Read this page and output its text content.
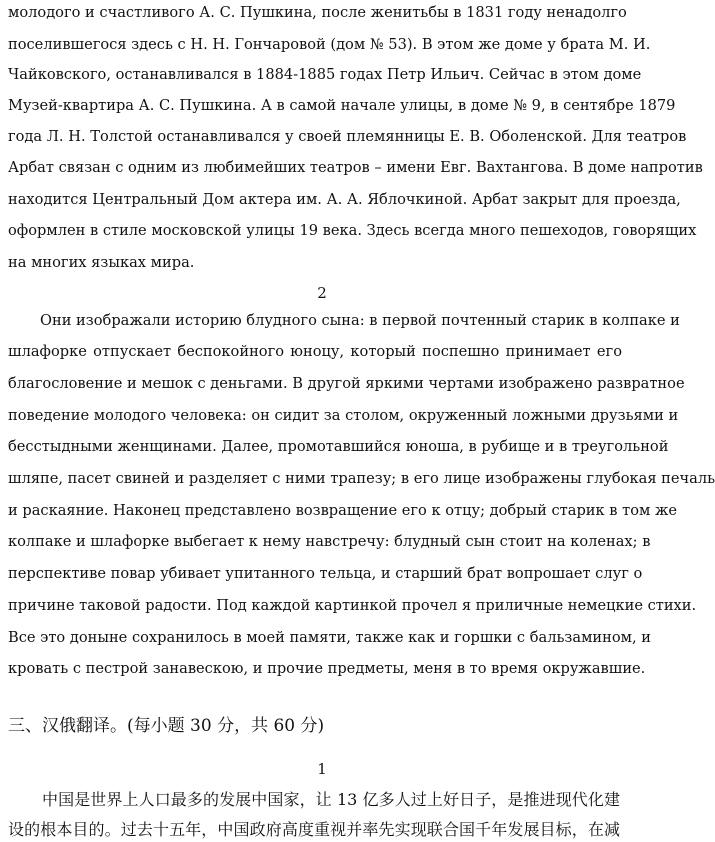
молодого и счастливого А. С. Пушкина, после женитьбы в 1831 году ненадолго
поселившегося здесь с Н. Н. Гончаровой (дом № 53). В этом же доме у брата М. И.
Чайковского, останавливался в 1884-1885 годах Петр Ильич. Сейчас в этом доме
Музей-квартира А. С. Пушкина. А в самой начале улицы, в доме № 9, в сентябре 1879
года Л. Н. Толстой останавливался у своей племянницы Е. В. Оболенской. Для театров
Арбат связан с одним из любимейших театров – имени Евг. Вахтангова. В доме напротив
находится Центральный Дом актера им. А. А. Яблочкиной. Арбат закрыт для проезда,
оформлен в стиле московской улицы 19 века. Здесь всегда много пешеходов, говорящих
на многих языках мира.
2
Они изображали историю блудного сына: в первой почтенный старик в колпаке и
шлафорке отпускает беспокойного юноцу, который поспешно принимает его
благословение и мешок с деньгами. В другой яркими чертами изображено развратное
поведение молодого человека: он сидит за столом, окруженный ложными друзьями и
бесстыдными женщинами. Далее, промотавшийся юноша, в рубище и в треугольной
шляпе, пасет свиней и разделяет с ними трапезу; в его лице изображены глубокая печаль
и раскаяние. Наконец представлено возвращение его к отцу; добрый старик в том же
колпаке и шлафорке выбегает к нему навстречу: блудный сын стоит на коленах; в
перспективе повар убивает упитанного тельца, и старший брат вопрошает слуг о
причине таковой радости. Под каждой картинкой прочел я приличные немецкие стихи.
Все это доныне сохранилось в моей памяти, также как и горшки с бальзамином, и
кровать с пестрой занавескою, и прочие предметы, меня в то время окружавшие.
三、汉俄翻译。(每小题 30 分，共 60 分)
1
中国是世界上人口最多的发展中国家，让 13 亿多人过上好日子，是推进现代化建
设的根本目的。过去十五年，中国政府高度重视并率先实现联合国千年发展目标，在减
